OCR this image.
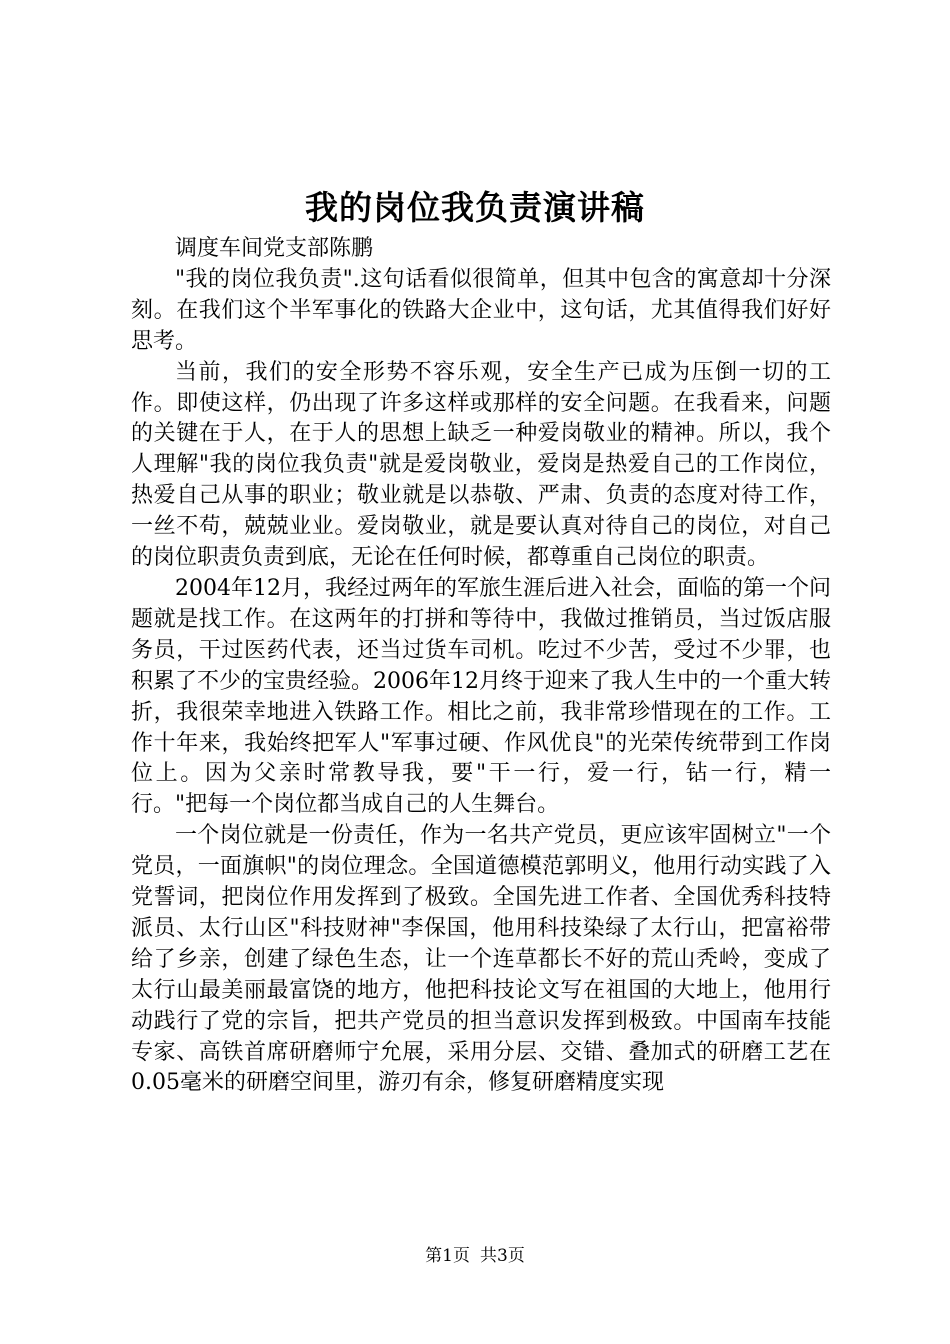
我的岗位我负责演讲稿

调度车间党支部陈鹏

"我的岗位我负责".这句话看似很简单，但其中包含的寓意却十分深刻。在我们这个半军事化的铁路大企业中，这句话，尤其值得我们好好思考。

当前，我们的安全形势不容乐观，安全生产已成为压倒一切的工作。即使这样，仍出现了许多这样或那样的安全问题。在我看来，问题的关键在于人，在于人的思想上缺乏一种爱岗敬业的精神。所以，我个人理解"我的岗位我负责"就是爱岗敬业，爱岗是热爱自己的工作岗位，热爱自己从事的职业；敬业就是以恭敬、严肃、负责的态度对待工作，一丝不苟，兢兢业业。爱岗敬业，就是要认真对待自己的岗位，对自己的岗位职责负责到底，无论在任何时候，都尊重自己岗位的职责。

2004年12月，我经过两年的军旅生涯后进入社会，面临的第一个问题就是找工作。在这两年的打拼和等待中，我做过推销员，当过饭店服务员，干过医药代表，还当过货车司机。吃过不少苦，受过不少罪，也积累了不少的宝贵经验。2006年12月终于迎来了我人生中的一个重大转折，我很荣幸地进入铁路工作。相比之前，我非常珍惜现在的工作。工作十年来，我始终把军人"军事过硬、作风优良"的光荣传统带到工作岗位上。因为父亲时常教导我，要"干一行，爱一行，钻一行，精一行。"把每一个岗位都当成自己的人生舞台。

一个岗位就是一份责任，作为一名共产党员，更应该牢固树立"一个党员，一面旗帜"的岗位理念。全国道德模范郭明义，他用行动实践了入党誓词，把岗位作用发挥到了极致。全国先进工作者、全国优秀科技特派员、太行山区"科技财神"李保国，他用科技染绿了太行山，把富裕带给了乡亲，创建了绿色生态，让一个连草都长不好的荒山秃岭，变成了太行山最美丽最富饶的地方，他把科技论文写在祖国的大地上，他用行动践行了党的宗旨，把共产党员的担当意识发挥到极致。中国南车技能专家、高铁首席研磨师宁允展，采用分层、交错、叠加式的研磨工艺在0.05毫米的研磨空间里，游刃有余，修复研磨精度实现

第1页 共3页
